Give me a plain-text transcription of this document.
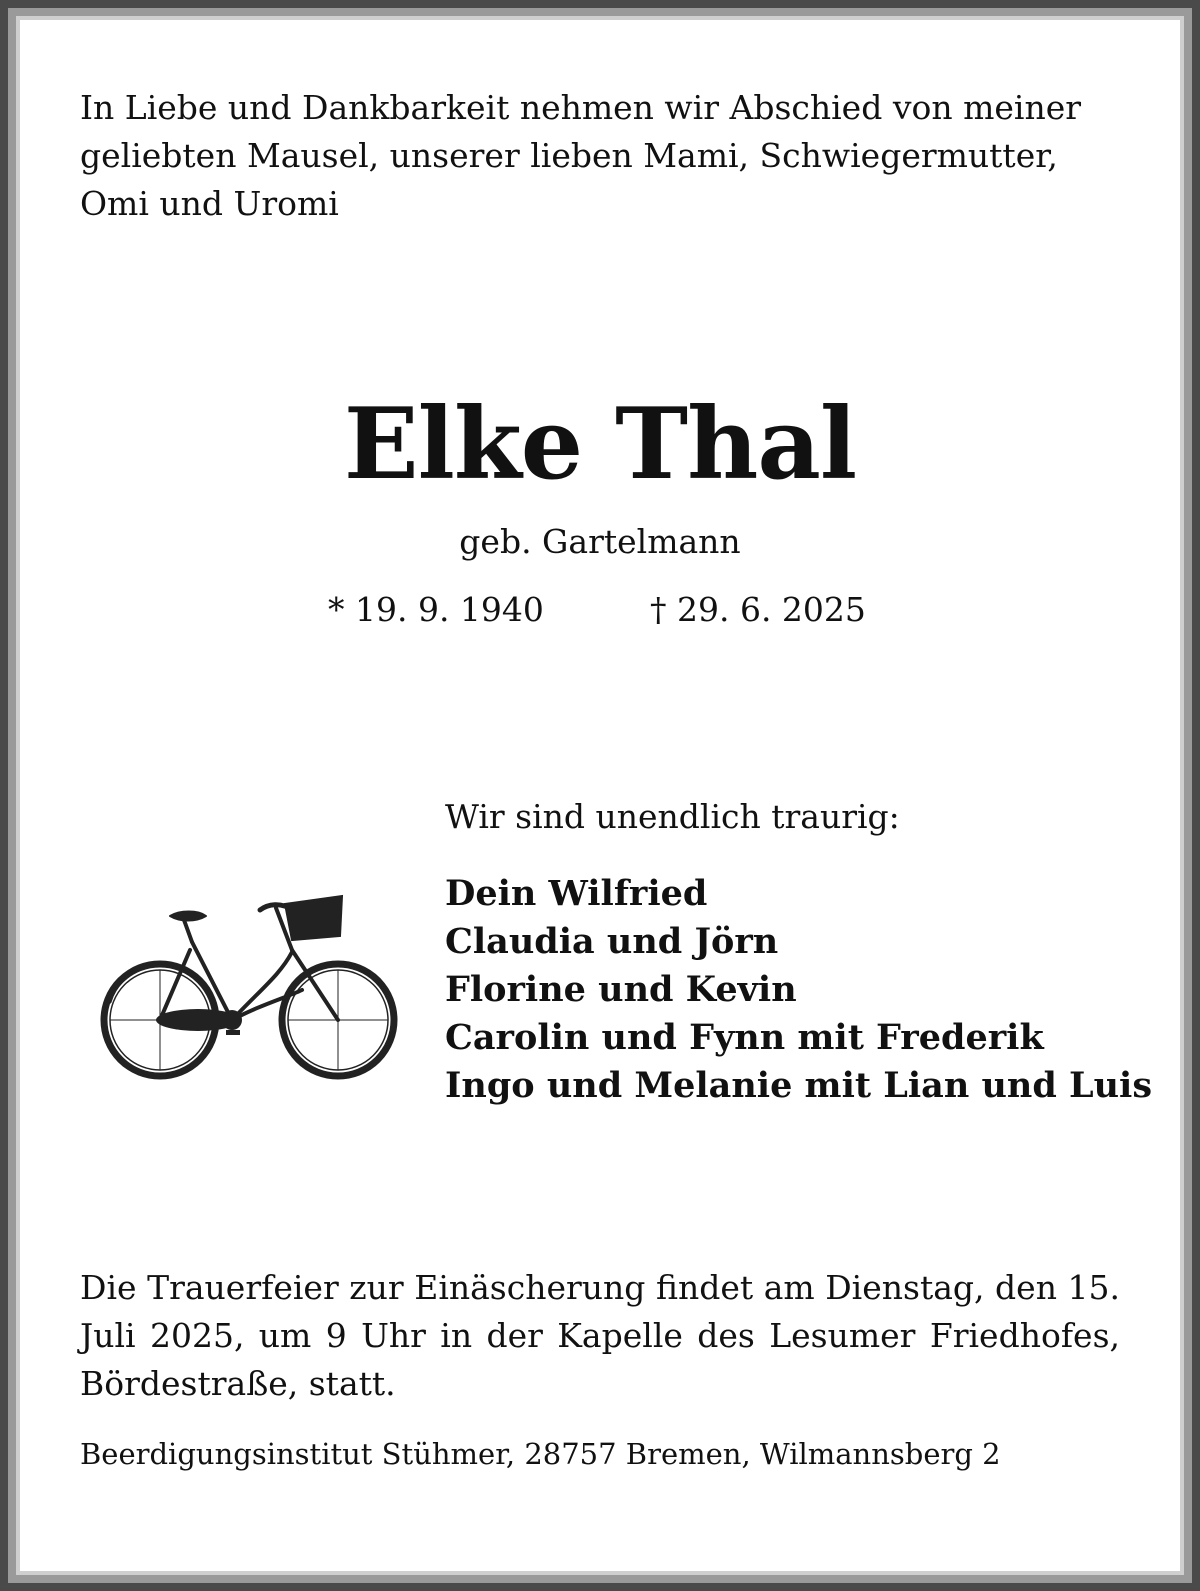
In Liebe und Dankbarkeit nehmen wir Abschied von meiner geliebten Mausel, unserer lieben Mami, Schwiegermutter, Omi und Uromi

Elke Thal
geb. Gartelmann
* 19. 9. 1940	† 29. 6. 2025
Wir sind unendlich traurig:
Dein Wilfried
Claudia und Jörn
Florine und Kevin
Carolin und Fynn mit Frederik
Ingo und Melanie mit Lian und Luis

Die Trauerfeier zur Einäscherung findet am Dienstag, den 15. Juli 2025, um 9 Uhr in der Kapelle des Lesumer Friedhofes, Bördestraße, statt.

Beerdigungsinstitut Stühmer, 28757 Bremen, Wilmannsberg 2
